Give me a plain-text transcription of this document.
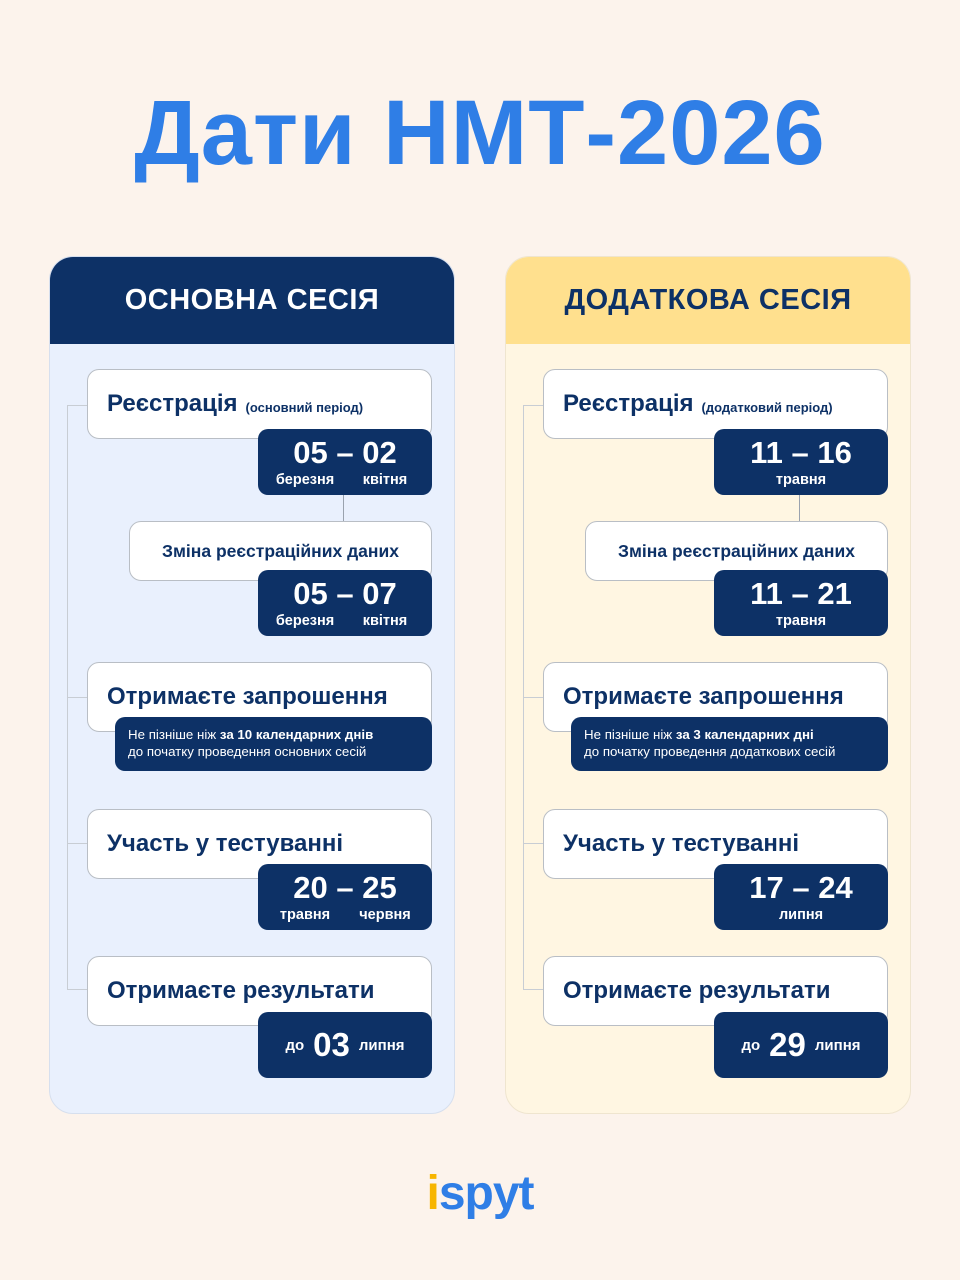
Дати НМТ-2026
ОСНОВНА СЕСІЯ
Реєстрація (основний період)
05 – 02
березня	квітня
Зміна реєстраційних даних
05 – 07
березня	квітня
Отримаєте запрошення
Не пізніше ніж за 10 календарних днів
до початку проведення основних сесій
Участь у тестуванні
20 – 25
травня	червня
Отримаєте результати
до 03 липня
ДОДАТКОВА СЕСІЯ
Реєстрація (додатковий період)
11 – 16
травня
Зміна реєстраційних даних
11 – 21
травня
Отримаєте запрошення
Не пізніше ніж за 3 календарних дні
до початку проведення додаткових сесій
Участь у тестуванні
17 – 24
липня
Отримаєте результати
до 29 липня
ispyt
